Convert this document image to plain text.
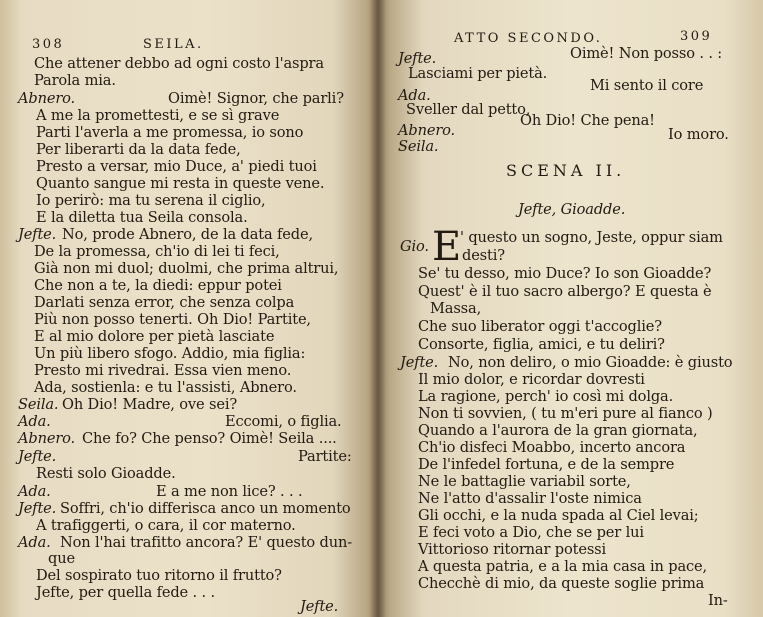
308	SEILA.
Che attener debbo ad ogni costo l'aspra
Parola mia.
Abnero.	Oimè! Signor, che parli?
A me la promettesti, e se sì grave
Parti l'averla a me promessa, io sono
Per liberarti da la data fede,
Presto a versar, mio Duce, a' piedi tuoi
Quanto sangue mi resta in queste vene.
Io perirò: ma tu serena il ciglio,
E la diletta tua Seila consola.
Jefte. No, prode Abnero, de la data fede,
De la promessa, ch'io di lei ti feci,
Già non mi duol; duolmi, che prima altrui,
Che non a te, la diedi: eppur potei
Darlati senza error, che senza colpa
Più non posso tenerti. Oh Dio! Partite,
E al mio dolore per pietà lasciate
Un più libero sfogo. Addio, mia figlia:
Presto mi rivedrai. Essa vien meno.
Ada, sostienla: e tu l'assisti, Abnero.
Seila. Oh Dio! Madre, ove sei?
Ada.	Eccomi, o figlia.
Abnero. Che fo? Che penso? Oimè! Seila ....
Jefte.	Partite:
Resti solo Gioadde.
Ada.	E a me non lice? . . .
Jefte. Soffri, ch'io differisca anco un momento
A trafiggerti, o cara, il cor materno.
Ada. Non l'hai trafitto ancora? E' questo dun-
que
Del sospirato tuo ritorno il frutto?
Jefte, per quella fede . . .
Jefte.
ATTO SECONDO.	309
Jefte.	Oimè! Non posso . . :
Lasciami per pietà.
Ada.
Mi sento il core
Sveller dal petto,
Abnero.
Oh Dio! Che pena!
Seila.
Io moro.
SCENA II.
Jefte, Gioadde.
Gio. E
' questo un sogno, Jeste, oppur siam
desti?
Se' tu desso, mio Duce? Io son Gioadde?
Quest' è il tuo sacro albergo? E questa è
Massa,
Che suo liberator oggi t'accoglie?
Consorte, figlia, amici, e tu deliri?
Jefte. No, non deliro, o mio Gioadde: è giusto
Il mio dolor, e ricordar dovresti
La ragione, perch' io così mi dolga.
Non ti sovvien, ( tu m'eri pure al fianco )
Quando a l'aurora de la gran giornata,
Ch'io disfeci Moabbo, incerto ancora
De l'infedel fortuna, e de la sempre
Ne le battaglie variabil sorte,
Ne l'atto d'assalir l'oste nimica
Gli occhi, e la nuda spada al Ciel levai;
E feci voto a Dio, che se per lui
Vittorioso ritornar potessi
A questa patria, e a la mia casa in pace,
Checchè di mio, da queste soglie prima
In-
